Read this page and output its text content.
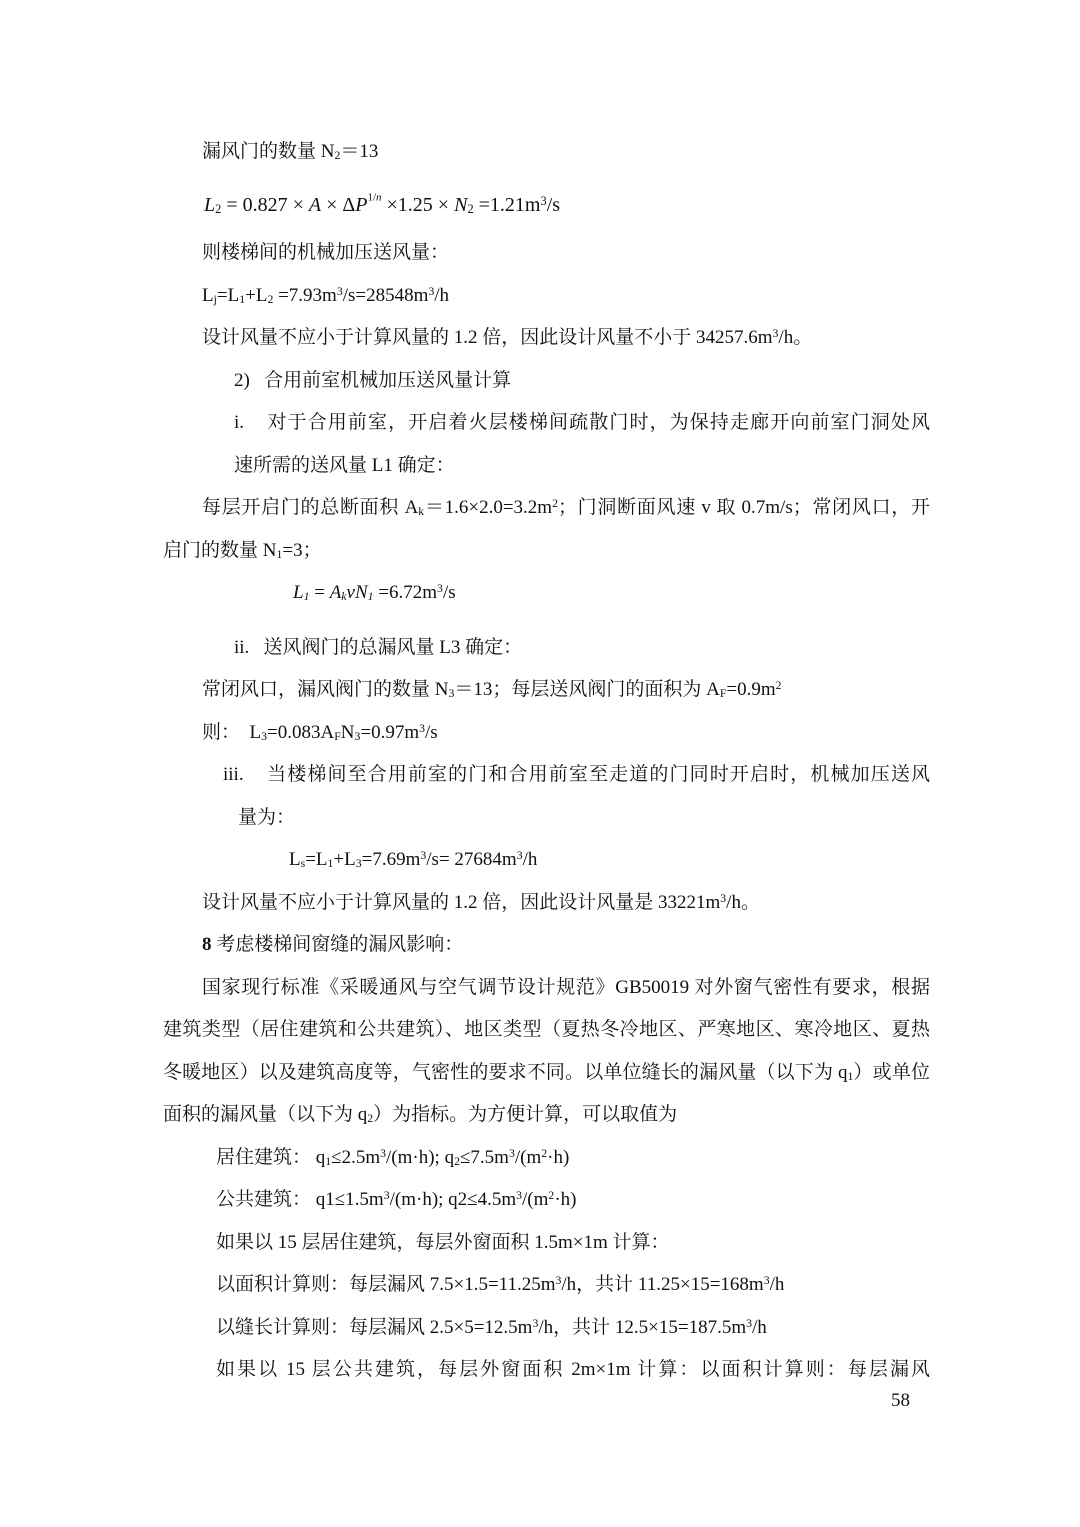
漏风门的数量 $N_2=13$
$L_2 = 0.827 \times A \times \Delta P^{1/n} \times 1.25 \times N_2 =1.21m^3/s$
则楼梯间的机械加压送风量：
$L_j=L_1+L_2 =7.93m^3/s=28548m^3/h$
设计风量不应小于计算风量的 1.2 倍，因此设计风量不小于 $34257.6m^3/h$。
2)   合用前室机械加压送风量计算
i.    对于合用前室，开启着火层楼梯间疏散门时，为保持走廊开向前室门洞处风
速所需的送风量 L1 确定：
每层开启门的总断面积 $A_k=1.6\times 2.0=3.2m^2$；门洞断面风速 v 取 0.7m/s；常闭风口，开
启门的数量 $N_1=3$；
$L_1 = A_kvN_1 =6.72m^3/s$
ii.   送风阀门的总漏风量 L3 确定：
常闭风口，漏风阀门的数量 $N_3=13$；每层送风阀门的面积为 $A_F=0.9m^2$
则：  $L_3=0.083A_FN_3=0.97m^3/s$
iii.    当楼梯间至合用前室的门和合用前室至走道的门同时开启时，机械加压送风
量为：
$L_s=L_1+L_3=7.69m^3/s= 27684m^3/h$
设计风量不应小于计算风量的 1.2 倍，因此设计风量是 $33221m^3/h$。
8 考虑楼梯间窗缝的漏风影响：
国家现行标准《采暖通风与空气调节设计规范》GB50019 对外窗气密性有要求，根据
建筑类型（居住建筑和公共建筑）、地区类型（夏热冬冷地区、严寒地区、寒冷地区、夏热
冬暖地区）以及建筑高度等，气密性的要求不同。以单位缝长的漏风量（以下为 $q_1$）或单位
面积的漏风量（以下为 $q_2$）为指标。为方便计算，可以取值为
居住建筑： $q_1\le 2.5m^3/(m\cdot h)$; $q_2\le 7.5m^3/(m^2\cdot h)$
公共建筑： $q1\le 1.5m^3/(m\cdot h)$; $q2\le 4.5m^3/(m^2\cdot h)$
如果以 15 层居住建筑，每层外窗面积 1.5m×1m 计算：
以面积计算则：每层漏风 $7.5\times 1.5=11.25m^3/h$，共计 $11.25\times 15=168m^3/h$
以缝长计算则：每层漏风 $2.5\times 5=12.5m^3/h$，共计 $12.5\times 15=187.5m^3/h$
如果以 15 层公共建筑，每层外窗面积 2m×1m 计算：以面积计算则：每层漏风
58
